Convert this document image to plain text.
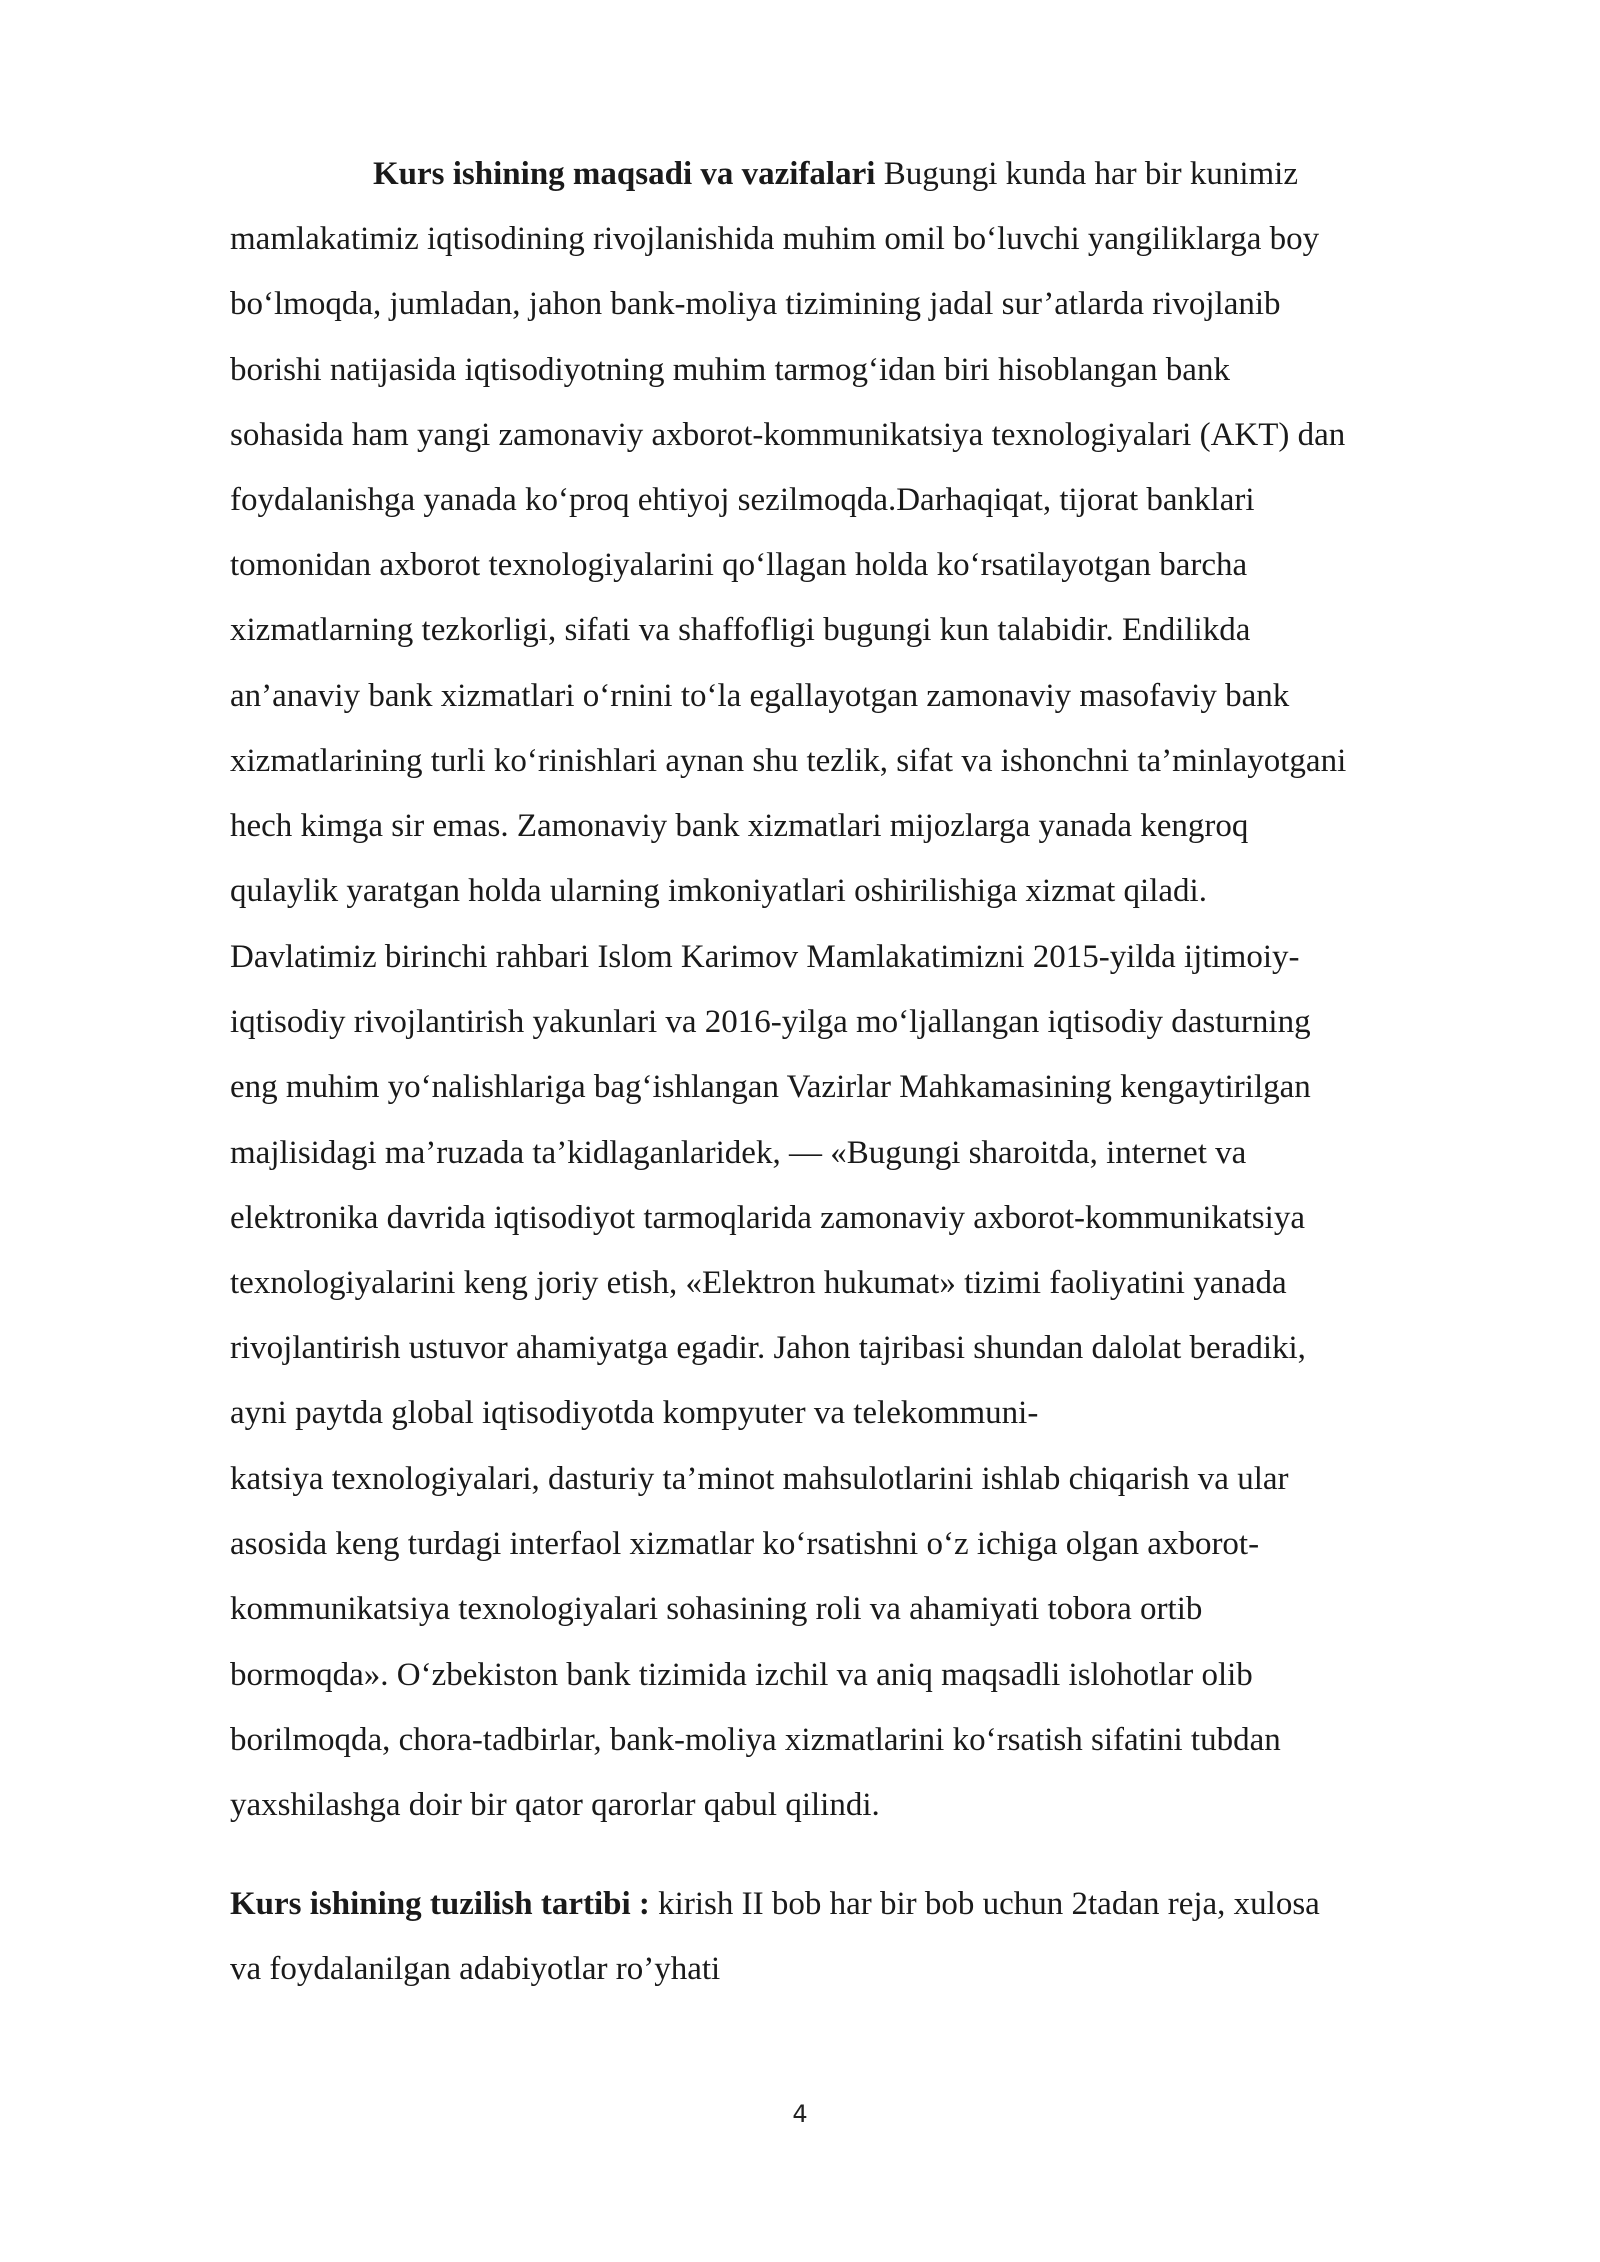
Kurs ishining maqsadi va vazifalari Bugungi kunda har bir kunimiz
mamlakatimiz iqtisodining rivojlanishida muhim omil bo‘luvchi yangiliklarga boy
bo‘lmoqda, jumladan, jahon bank-moliya tizimining jadal sur’atlarda rivojlanib
borishi natijasida iqtisodiyotning muhim tarmog‘idan biri hisoblangan bank
sohasida ham yangi zamonaviy axborot-kommunikatsiya texnologiyalari (AKT) dan
foydalanishga yanada ko‘proq ehtiyoj sezilmoqda.Darhaqiqat, tijorat banklari
tomonidan axborot texnologiyalarini qo‘llagan holda ko‘rsatilayotgan barcha
xizmatlarning tezkorligi, sifati va shaffofligi bugungi kun talabidir. Endilikda
an’anaviy bank xizmatlari o‘rnini to‘la egallayotgan zamonaviy masofaviy bank
xizmatlarining turli ko‘rinishlari aynan shu tezlik, sifat va ishonchni ta’minlayotgani
hech kimga sir emas. Zamonaviy bank xizmatlari mijozlarga yanada kengroq
qulaylik yaratgan holda ularning imkoniyatlari oshirilishiga xizmat qiladi.
Davlatimiz birinchi rahbari Islom Karimov Mamlakatimizni 2015-yilda ijtimoiy-
iqtisodiy rivojlantirish yakunlari va 2016-yilga mo‘ljallangan iqtisodiy dasturning
eng muhim yo‘nalishlariga bag‘ishlangan Vazirlar Mahkamasining kengaytirilgan
majlisidagi ma’ruzada ta’kidlaganlaridek, — «Bugungi sharoitda, internet va
elektronika davrida iqtisodiyot tarmoqlarida zamonaviy axborot-kommunikatsiya
texnologiyalarini keng joriy etish, «Elektron hukumat» tizimi faoliyatini yanada
rivojlantirish ustuvor ahamiyatga egadir. Jahon tajribasi shundan dalolat beradiki,
ayni paytda global iqtisodiyotda kompyuter va telekommuni-
katsiya texnologiyalari, dasturiy ta’minot mahsulotlarini ishlab chiqarish va ular
asosida keng turdagi interfaol xizmatlar ko‘rsatishni o‘z ichiga olgan axborot-
kommunikatsiya texnologiyalari sohasining roli va ahamiyati tobora ortib
bormoqda». O‘zbekiston bank tizimida izchil va aniq maqsadli islohotlar olib
borilmoqda, chora-tadbirlar, bank-moliya xizmatlarini ko‘rsatish sifatini tubdan
yaxshilashga doir bir qator qarorlar qabul qilindi.
Kurs ishining tuzilish tartibi : kirish II bob har bir bob uchun 2tadan reja, xulosa
va foydalanilgan adabiyotlar ro’yhati
4
